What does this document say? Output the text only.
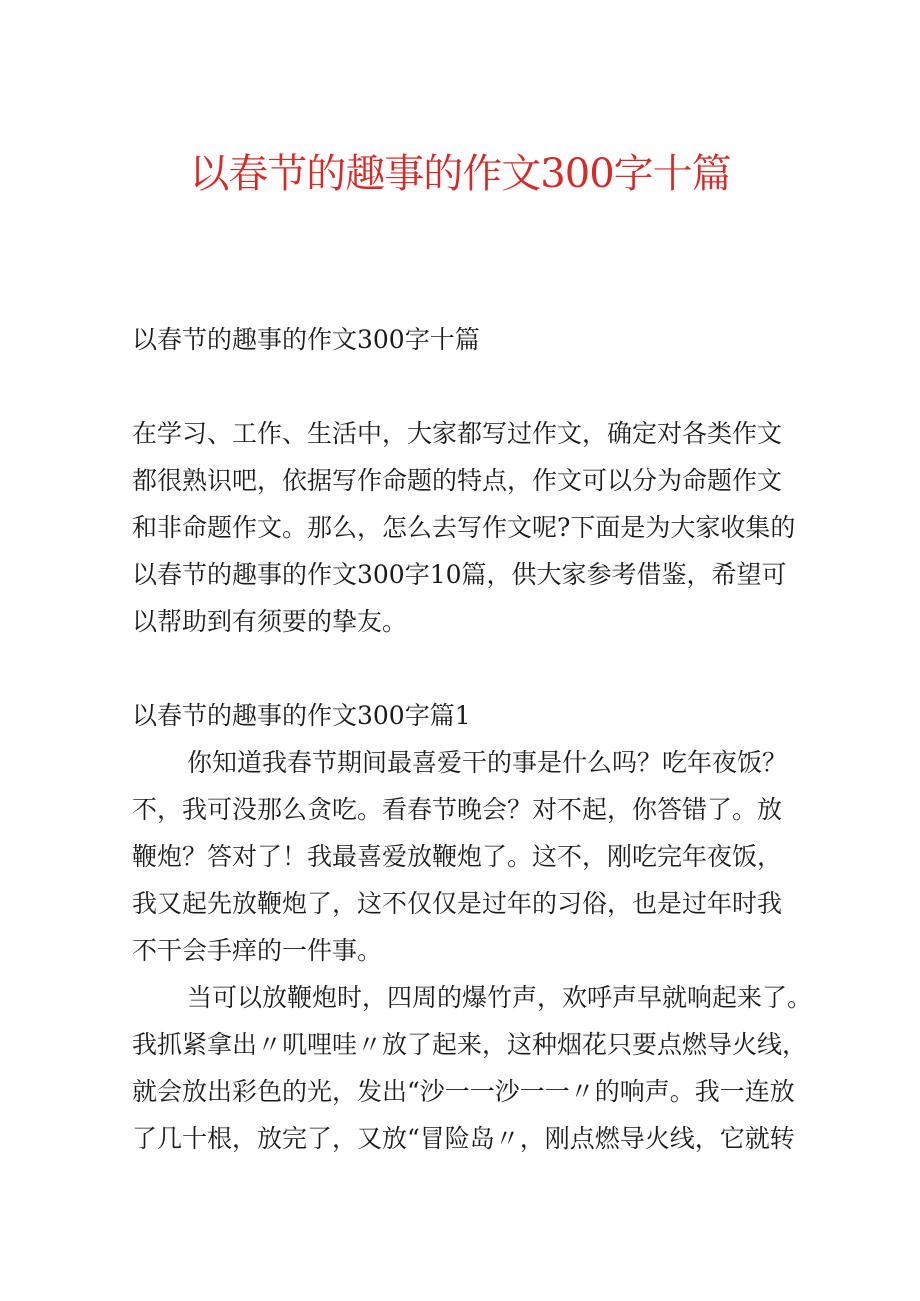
以春节的趣事的作文300字十篇

以春节的趣事的作文300字十篇

在学习、工作、生活中，大家都写过作文，确定对各类作文

都很熟识吧，依据写作命题的特点，作文可以分为命题作文

和非命题作文。那么，怎么去写作文呢?下面是为大家收集的

以春节的趣事的作文300字10篇，供大家参考借鉴，希望可

以帮助到有须要的挚友。

以春节的趣事的作文300字篇1

你知道我春节期间最喜爱干的事是什么吗？吃年夜饭？

不，我可没那么贪吃。看春节晚会？对不起，你答错了。放

鞭炮？答对了！我最喜爱放鞭炮了。这不，刚吃完年夜饭，

我又起先放鞭炮了，这不仅仅是过年的习俗，也是过年时我

不干会手痒的一件事。

当可以放鞭炮时，四周的爆竹声，欢呼声早就响起来了。

我抓紧拿出〃叽哩哇〃放了起来，这种烟花只要点燃导火线，

就会放出彩色的光，发出“沙一一沙一一〃的响声。我一连放

了几十根，放完了，又放“冒险岛〃，刚点燃导火线，它就转
